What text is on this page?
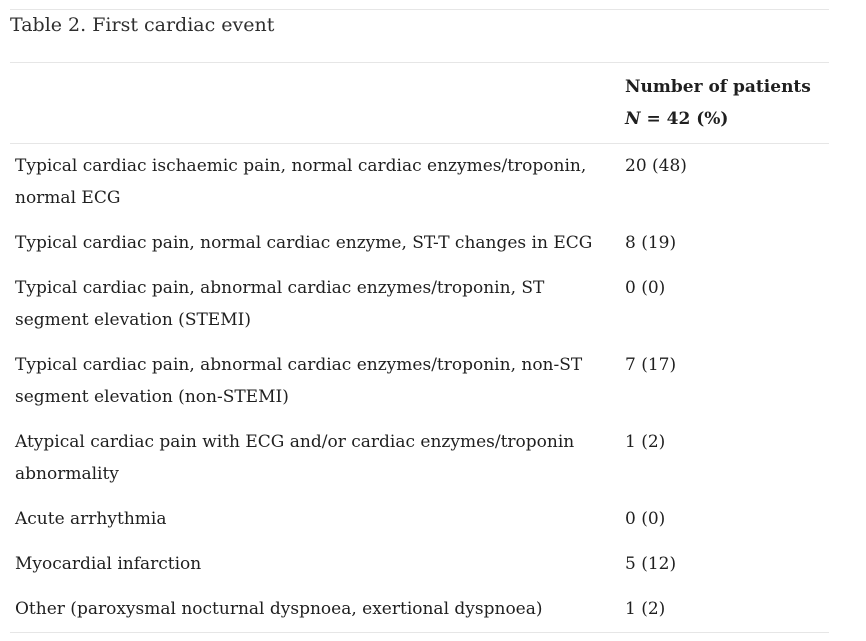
Table 2. First cardiac event
	Number of patients N = 42 (%)
Typical cardiac ischaemic pain, normal cardiac enzymes/troponin, normal ECG	20 (48)
Typical cardiac pain, normal cardiac enzyme, ST-T changes in ECG	8 (19)
Typical cardiac pain, abnormal cardiac enzymes/troponin, ST segment elevation (STEMI)	0 (0)
Typical cardiac pain, abnormal cardiac enzymes/troponin, non-ST segment elevation (non-STEMI)	7 (17)
Atypical cardiac pain with ECG and/or cardiac enzymes/troponin abnormality	1 (2)
Acute arrhythmia	0 (0)
Myocardial infarction	5 (12)
Other (paroxysmal nocturnal dyspnoea, exertional dyspnoea)	1 (2)
